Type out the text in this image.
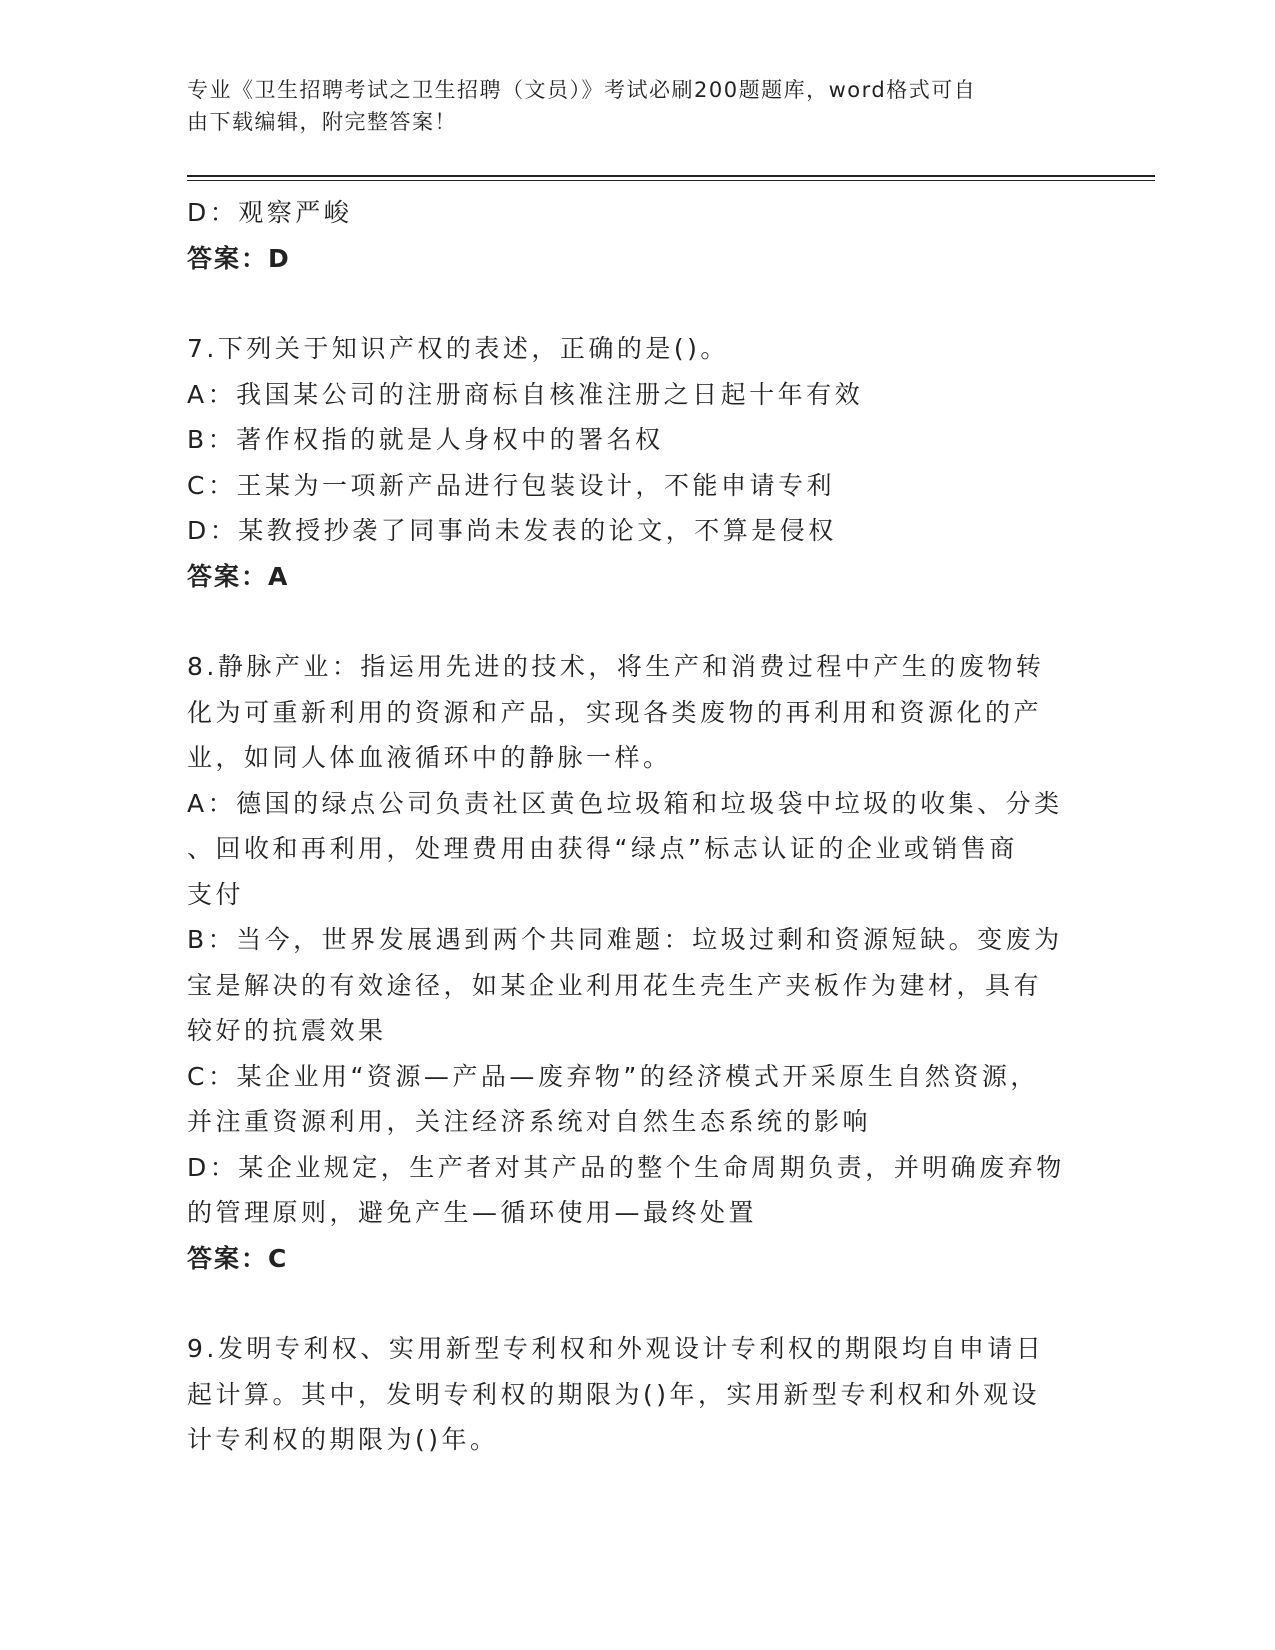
专业《卫生招聘考试之卫生招聘（文员）》考试必刷200题题库，word格式可自
由下载编辑，附完整答案！
D：观察严峻
答案：D
7.下列关于知识产权的表述，正确的是()。
A：我国某公司的注册商标自核准注册之日起十年有效
B：著作权指的就是人身权中的署名权
C：王某为一项新产品进行包装设计，不能申请专利
D：某教授抄袭了同事尚未发表的论文，不算是侵权
答案：A
8.静脉产业：指运用先进的技术，将生产和消费过程中产生的废物转
化为可重新利用的资源和产品，实现各类废物的再利用和资源化的产
业，如同人体血液循环中的静脉一样。
A：德国的绿点公司负责社区黄色垃圾箱和垃圾袋中垃圾的收集、分类
、回收和再利用，处理费用由获得“绿点”标志认证的企业或销售商
支付
B：当今，世界发展遇到两个共同难题：垃圾过剩和资源短缺。变废为
宝是解决的有效途径，如某企业利用花生壳生产夹板作为建材，具有
较好的抗震效果
C：某企业用“资源—产品—废弃物”的经济模式开采原生自然资源，
并注重资源利用，关注经济系统对自然生态系统的影响
D：某企业规定，生产者对其产品的整个生命周期负责，并明确废弃物
的管理原则，避免产生—循环使用—最终处置
答案：C
9.发明专利权、实用新型专利权和外观设计专利权的期限均自申请日
起计算。其中，发明专利权的期限为()年，实用新型专利权和外观设
计专利权的期限为()年。
